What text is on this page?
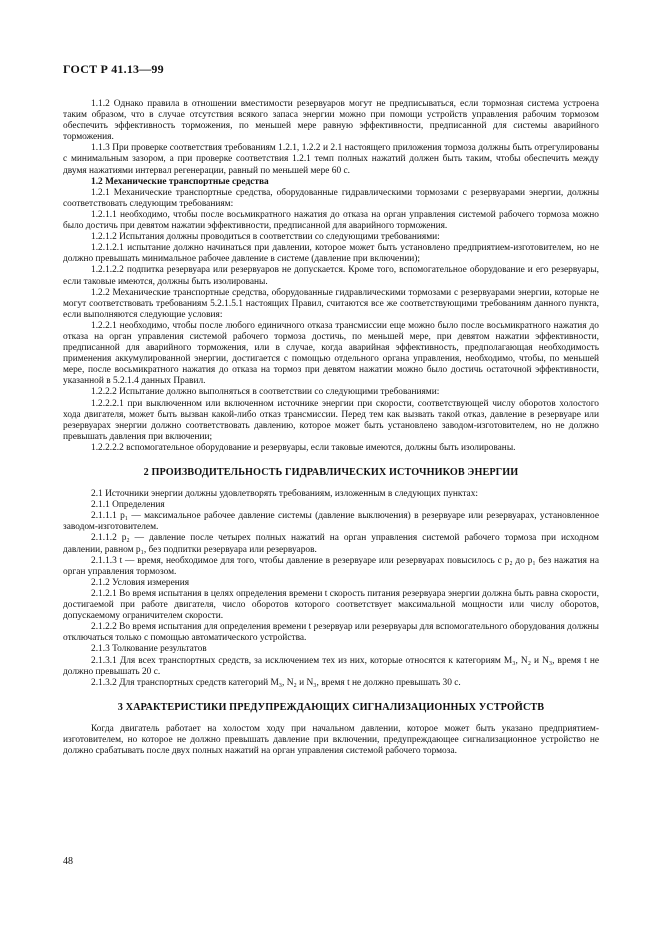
ГОСТ Р 41.13—99

1.1.2 Однако правила в отношении вместимости резервуаров могут не предписываться, если тормозная система устроена таким образом, что в случае отсутствия всякого запаса энергии можно при помощи устройств управления рабочим тормозом обеспечить эффективность торможения, по меньшей мере равную эффективности, предписанной для системы аварийного торможения.

1.1.3 При проверке соответствия требованиям 1.2.1, 1.2.2 и 2.1 настоящего приложения тормоза должны быть отрегулированы с минимальным зазором, а при проверке соответствия 1.2.1 темп полных нажатий должен быть таким, чтобы обеспечить между двумя нажатиями интервал регенерации, равный по меньшей мере 60 с.

1.2 Механические транспортные средства

1.2.1 Механические транспортные средства, оборудованные гидравлическими тормозами с резервуарами энергии, должны соответствовать следующим требованиям:

1.2.1.1 необходимо, чтобы после восьмикратного нажатия до отказа на орган управления системой рабочего тормоза можно было достичь при девятом нажатии эффективности, предписанной для аварийного торможения.

1.2.1.2 Испытания должны проводиться в соответствии со следующими требованиями:

1.2.1.2.1 испытание должно начинаться при давлении, которое может быть установлено предприятием-изготовителем, но не должно превышать минимальное рабочее давление в системе (давление при включении);

1.2.1.2.2 подпитка резервуара или резервуаров не допускается. Кроме того, вспомогательное оборудование и его резервуары, если таковые имеются, должны быть изолированы.

1.2.2 Механические транспортные средства, оборудованные гидравлическими тормозами с резервуарами энергии, которые не могут соответствовать требованиям 5.2.1.5.1 настоящих Правил, считаются все же соответствующими требованиям данного пункта, если выполняются следующие условия:

1.2.2.1 необходимо, чтобы после любого единичного отказа трансмиссии еще можно было после восьмикратного нажатия до отказа на орган управления системой рабочего тормоза достичь, по меньшей мере, при девятом нажатии эффективности, предписанной для аварийного торможения, или в случае, когда аварийная эффективность, предполагающая необходимость применения аккумулированной энергии, достигается с помощью отдельного органа управления, необходимо, чтобы, по меньшей мере, после восьмикратного нажатия до отказа на тормоз при девятом нажатии можно было достичь остаточной эффективности, указанной в 5.2.1.4 данных Правил.

1.2.2.2 Испытание должно выполняться в соответствии со следующими требованиями:

1.2.2.2.1 при выключенном или включенном источнике энергии при скорости, соответствующей числу оборотов холостого хода двигателя, может быть вызван какой-либо отказ трансмиссии. Перед тем как вызвать такой отказ, давление в резервуаре или резервуарах энергии должно соответствовать давлению, которое может быть установлено заводом-изготовителем, но не должно превышать давления при включении;

1.2.2.2.2 вспомогательное оборудование и резервуары, если таковые имеются, должны быть изолированы.

2 ПРОИЗВОДИТЕЛЬНОСТЬ ГИДРАВЛИЧЕСКИХ ИСТОЧНИКОВ ЭНЕРГИИ

2.1 Источники энергии должны удовлетворять требованиям, изложенным в следующих пунктах:

2.1.1 Определения

2.1.1.1 p₁ — максимальное рабочее давление системы (давление выключения) в резервуаре или резервуарах, установленное заводом-изготовителем.

2.1.1.2 p₂ — давление после четырех полных нажатий на орган управления системой рабочего тормоза при исходном давлении, равном p₁, без подпитки резервуара или резервуаров.

2.1.1.3 t — время, необходимое для того, чтобы давление в резервуаре или резервуарах повысилось с p₂ до p₁ без нажатия на орган управления тормозом.

2.1.2 Условия измерения

2.1.2.1 Во время испытания в целях определения времени t скорость питания резервуара энергии должна быть равна скорости, достигаемой при работе двигателя, число оборотов которого соответствует максимальной мощности или числу оборотов, допускаемому ограничителем скорости.

2.1.2.2 Во время испытания для определения времени t резервуар или резервуары для вспомогательного оборудования должны отключаться только с помощью автоматического устройства.

2.1.3 Толкование результатов

2.1.3.1 Для всех транспортных средств, за исключением тех из них, которые относятся к категориям M₃, N₂ и N₃, время t не должно превышать 20 с.

2.1.3.2 Для транспортных средств категорий M₃, N₂ и N₃, время t не должно превышать 30 с.

3 ХАРАКТЕРИСТИКИ ПРЕДУПРЕЖДАЮЩИХ СИГНАЛИЗАЦИОННЫХ УСТРОЙСТВ

Когда двигатель работает на холостом ходу при начальном давлении, которое может быть указано предприятием-изготовителем, но которое не должно превышать давление при включении, предупреждающее сигнализационное устройство не должно срабатывать после двух полных нажатий на орган управления системой рабочего тормоза.

48
